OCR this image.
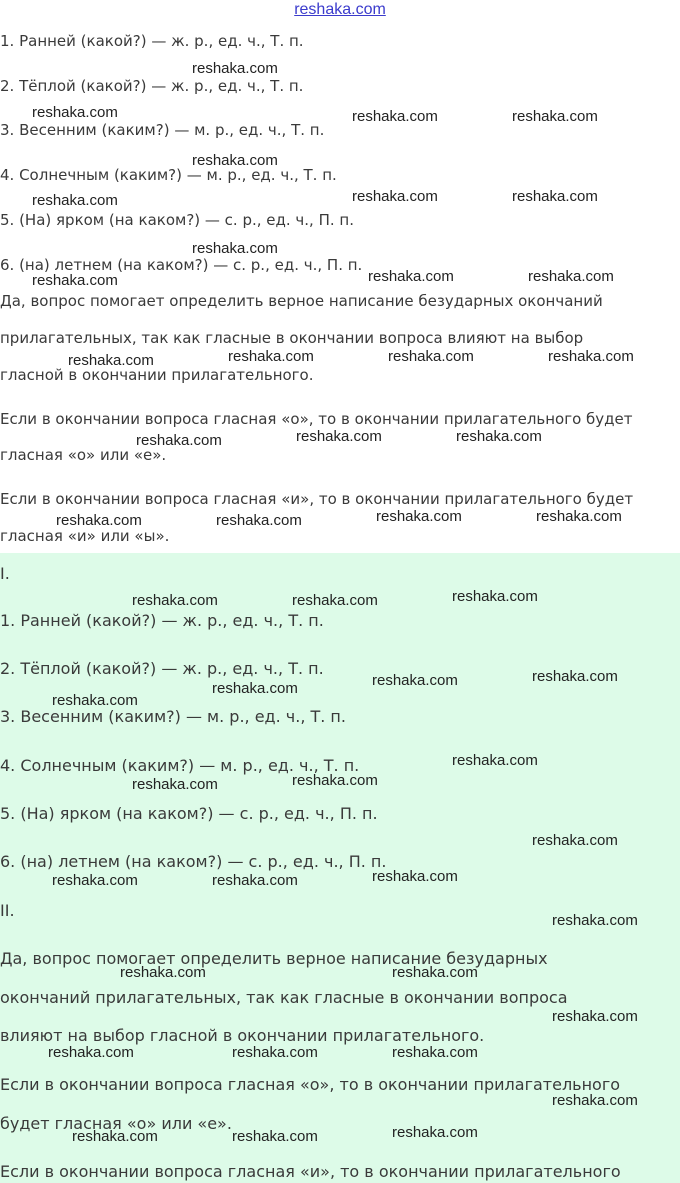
reshaka.com
1. Ранней (какой?) — ж. р., ед. ч., Т. п.
2. Тёплой (какой?) — ж. р., ед. ч., Т. п.
3. Весенним (каким?) — м. р., ед. ч., Т. п.
4. Солнечным (каким?) — м. р., ед. ч., Т. п.
5. (На) ярком (на каком?) — с. р., ед. ч., П. п.
6. (на) летнем (на каком?) — с. р., ед. ч., П. п.
Да, вопрос помогает определить верное написание безударных окончаний
прилагательных, так как гласные в окончании вопроса влияют на выбор
гласной в окончании прилагательного.
Если в окончании вопроса гласная «о», то в окончании прилагательного будет
гласная «о» или «е».
Если в окончании вопроса гласная «и», то в окончании прилагательного будет
гласная «и» или «ы».
I.
1. Ранней (какой?) — ж. р., ед. ч., Т. п.
2. Тёплой (какой?) — ж. р., ед. ч., Т. п.
3. Весенним (каким?) — м. р., ед. ч., Т. п.
4. Солнечным (каким?) — м. р., ед. ч., Т. п.
5. (На) ярком (на каком?) — с. р., ед. ч., П. п.
6. (на) летнем (на каком?) — с. р., ед. ч., П. п.
II.
Да, вопрос помогает определить верное написание безударных
окончаний прилагательных, так как гласные в окончании вопроса
влияют на выбор гласной в окончании прилагательного.
Если в окончании вопроса гласная «о», то в окончании прилагательного
будет гласная «о» или «е».
Если в окончании вопроса гласная «и», то в окончании прилагательного
reshaka.com
reshaka.com	reshaka.com	reshaka.com
reshaka.com
reshaka.com	reshaka.com	reshaka.com
reshaka.com
reshaka.com	reshaka.com	reshaka.com
reshaka.com	reshaka.com	reshaka.com	reshaka.com
reshaka.com	reshaka.com	reshaka.com
reshaka.com	reshaka.com	reshaka.com	reshaka.com
reshaka.com	reshaka.com	reshaka.com
reshaka.com	reshaka.com	reshaka.com
reshaka.com
reshaka.com
reshaka.com
reshaka.com
reshaka.com
reshaka.com
reshaka.com	reshaka.com
reshaka.com
reshaka.com	reshaka.com
reshaka.com
reshaka.com	reshaka.com	reshaka.com
reshaka.com
reshaka.com	reshaka.com	reshaka.com
